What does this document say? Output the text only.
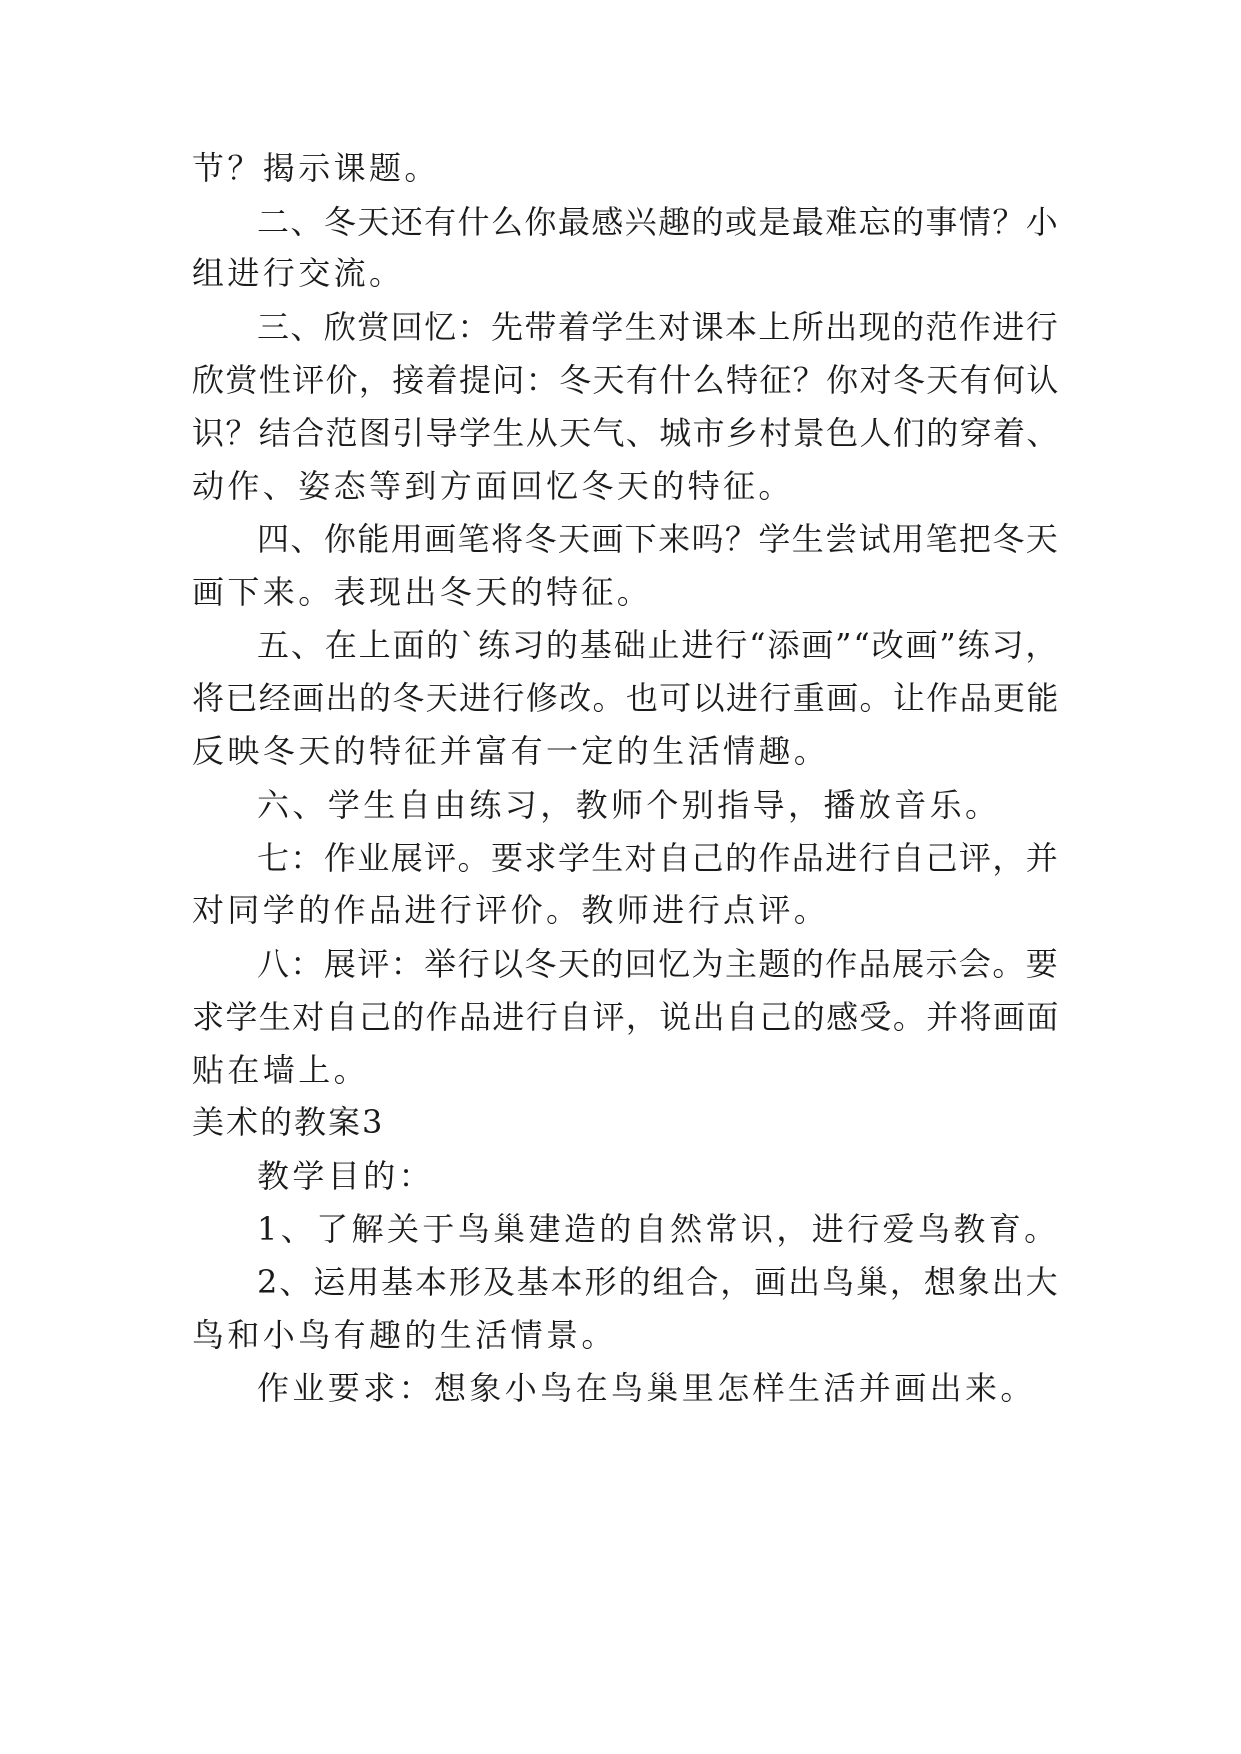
节？揭示课题。
二、冬天还有什么你最感兴趣的或是最难忘的事情？小
组进行交流。
三、欣赏回忆：先带着学生对课本上所出现的范作进行
欣赏性评价，接着提问：冬天有什么特征？你对冬天有何认
识？结合范图引导学生从天气、城市乡村景色人们的穿着、
动作、姿态等到方面回忆冬天的特征。
四、你能用画笔将冬天画下来吗？学生尝试用笔把冬天
画下来。表现出冬天的特征。
五、在上面的`练习的基础止进行“添画”“改画”练习，
将已经画出的冬天进行修改。也可以进行重画。让作品更能
反映冬天的特征并富有一定的生活情趣。
六、学生自由练习，教师个别指导，播放音乐。
七：作业展评。要求学生对自己的作品进行自己评，并
对同学的作品进行评价。教师进行点评。
八：展评：举行以冬天的回忆为主题的作品展示会。要
求学生对自己的作品进行自评，说出自己的感受。并将画面
贴在墙上。
美术的教案3
教学目的：
1、了解关于鸟巢建造的自然常识，进行爱鸟教育。
2、运用基本形及基本形的组合，画出鸟巢，想象出大
鸟和小鸟有趣的生活情景。
作业要求：想象小鸟在鸟巢里怎样生活并画出来。
